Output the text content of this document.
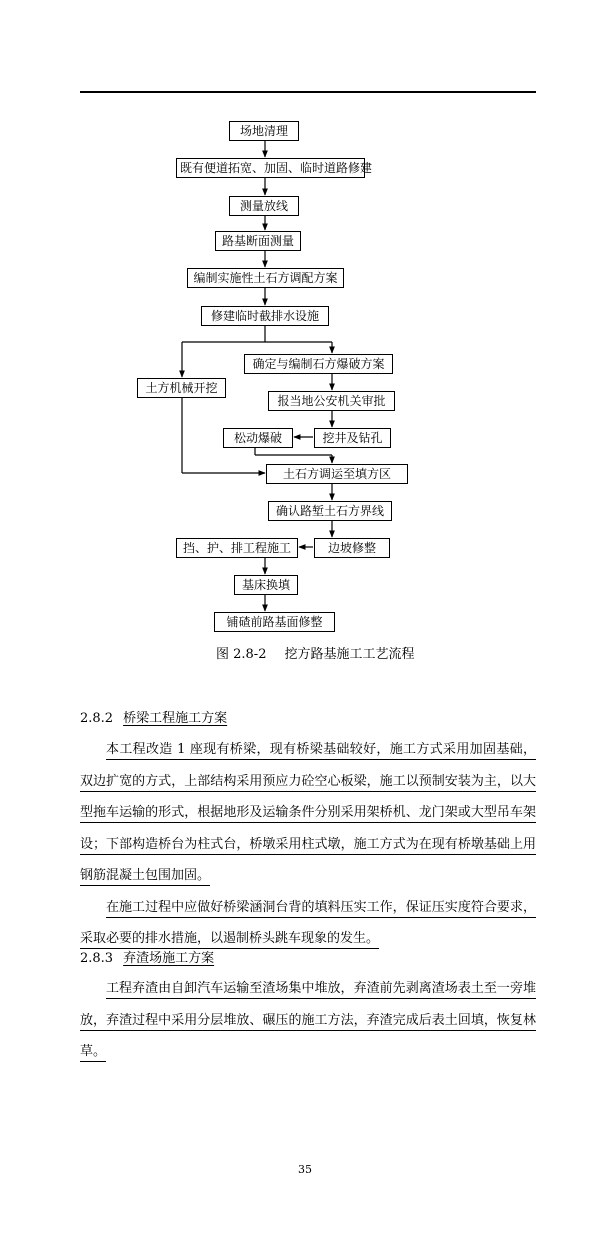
场地清理
既有便道拓宽、加固、临时道路修建
测量放线
路基断面测量
编制实施性土石方调配方案
修建临时截排水设施
确定与编制石方爆破方案
土方机械开挖
报当地公安机关审批
松动爆破	挖井及钻孔
土石方调运至填方区
确认路堑土石方界线
挡、护、排工程施工	边坡修整
基床换填
铺碴前路基面修整
图 2.8-2 挖方路基施工工艺流程
2.8.2 桥梁工程施工方案
本工程改造 1 座现有桥梁，现有桥梁基础较好，施工方式采用加固基础，双边扩宽的方式，上部结构采用预应力砼空心板梁，施工以预制安装为主，以大型拖车运输的形式，根据地形及运输条件分别采用架桥机、龙门架或大型吊车架设；下部构造桥台为柱式台，桥墩采用柱式墩，施工方式为在现有桥墩基础上用钢筋混凝土包围加固。
在施工过程中应做好桥梁涵洞台背的填料压实工作，保证压实度符合要求，采取必要的排水措施，以遏制桥头跳车现象的发生。
2.8.3 弃渣场施工方案
工程弃渣由自卸汽车运输至渣场集中堆放，弃渣前先剥离渣场表土至一旁堆放，弃渣过程中采用分层堆放、碾压的施工方法，弃渣完成后表土回填，恢复林草。
35
